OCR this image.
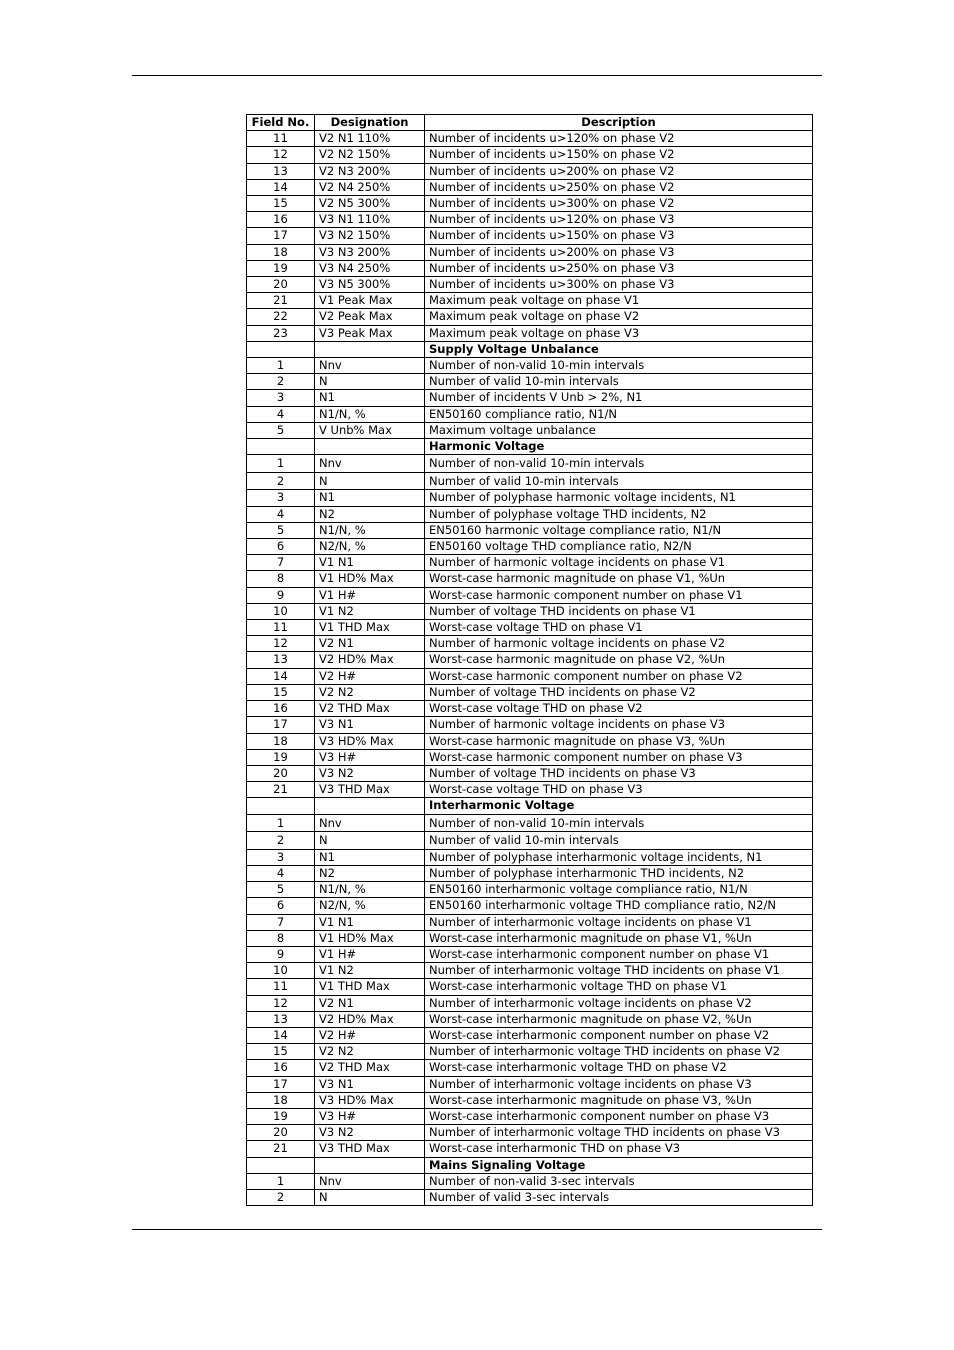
Field No.	Designation	Description
11	V2 N1 110%	Number of incidents u>120% on phase V2
12	V2 N2 150%	Number of incidents u>150% on phase V2
13	V2 N3 200%	Number of incidents u>200% on phase V2
14	V2 N4 250%	Number of incidents u>250% on phase V2
15	V2 N5 300%	Number of incidents u>300% on phase V2
16	V3 N1 110%	Number of incidents u>120% on phase V3
17	V3 N2 150%	Number of incidents u>150% on phase V3
18	V3 N3 200%	Number of incidents u>200% on phase V3
19	V3 N4 250%	Number of incidents u>250% on phase V3
20	V3 N5 300%	Number of incidents u>300% on phase V3
21	V1 Peak Max	Maximum peak voltage on phase V1
22	V2 Peak Max	Maximum peak voltage on phase V2
23	V3 Peak Max	Maximum peak voltage on phase V3
		Supply Voltage Unbalance
1	Nnv	Number of non-valid 10-min intervals
2	N	Number of valid 10-min intervals
3	N1	Number of incidents V Unb > 2%, N1
4	N1/N, %	EN50160 compliance ratio, N1/N
5	V Unb% Max	Maximum voltage unbalance
		Harmonic Voltage
1	Nnv	Number of non-valid 10-min intervals
2	N	Number of valid 10-min intervals
3	N1	Number of polyphase harmonic voltage incidents, N1
4	N2	Number of polyphase voltage THD incidents, N2
5	N1/N, %	EN50160 harmonic voltage compliance ratio, N1/N
6	N2/N, %	EN50160 voltage THD compliance ratio, N2/N
7	V1 N1	Number of harmonic voltage incidents on phase V1
8	V1 HD% Max	Worst-case harmonic magnitude on phase V1, %Un
9	V1 H#	Worst-case harmonic component number on phase V1
10	V1 N2	Number of voltage THD incidents on phase V1
11	V1 THD Max	Worst-case voltage THD on phase V1
12	V2 N1	Number of harmonic voltage incidents on phase V2
13	V2 HD% Max	Worst-case harmonic magnitude on phase V2, %Un
14	V2 H#	Worst-case harmonic component number on phase V2
15	V2 N2	Number of voltage THD incidents on phase V2
16	V2 THD Max	Worst-case voltage THD on phase V2
17	V3 N1	Number of harmonic voltage incidents on phase V3
18	V3 HD% Max	Worst-case harmonic magnitude on phase V3, %Un
19	V3 H#	Worst-case harmonic component number on phase V3
20	V3 N2	Number of voltage THD incidents on phase V3
21	V3 THD Max	Worst-case voltage THD on phase V3
		Interharmonic Voltage
1	Nnv	Number of non-valid 10-min intervals
2	N	Number of valid 10-min intervals
3	N1	Number of polyphase interharmonic voltage incidents, N1
4	N2	Number of polyphase interharmonic THD incidents, N2
5	N1/N, %	EN50160 interharmonic voltage compliance ratio, N1/N
6	N2/N, %	EN50160 interharmonic voltage THD compliance ratio, N2/N
7	V1 N1	Number of interharmonic voltage incidents on phase V1
8	V1 HD% Max	Worst-case interharmonic magnitude on phase V1, %Un
9	V1 H#	Worst-case interharmonic component number on phase V1
10	V1 N2	Number of interharmonic voltage THD incidents on phase V1
11	V1 THD Max	Worst-case interharmonic voltage THD on phase V1
12	V2 N1	Number of interharmonic voltage incidents on phase V2
13	V2 HD% Max	Worst-case interharmonic magnitude on phase V2, %Un
14	V2 H#	Worst-case interharmonic component number on phase V2
15	V2 N2	Number of interharmonic voltage THD incidents on phase V2
16	V2 THD Max	Worst-case interharmonic voltage THD on phase V2
17	V3 N1	Number of interharmonic voltage incidents on phase V3
18	V3 HD% Max	Worst-case interharmonic magnitude on phase V3, %Un
19	V3 H#	Worst-case interharmonic component number on phase V3
20	V3 N2	Number of interharmonic voltage THD incidents on phase V3
21	V3 THD Max	Worst-case interharmonic THD on phase V3
		Mains Signaling Voltage
1	Nnv	Number of non-valid 3-sec intervals
2	N	Number of valid 3-sec intervals
